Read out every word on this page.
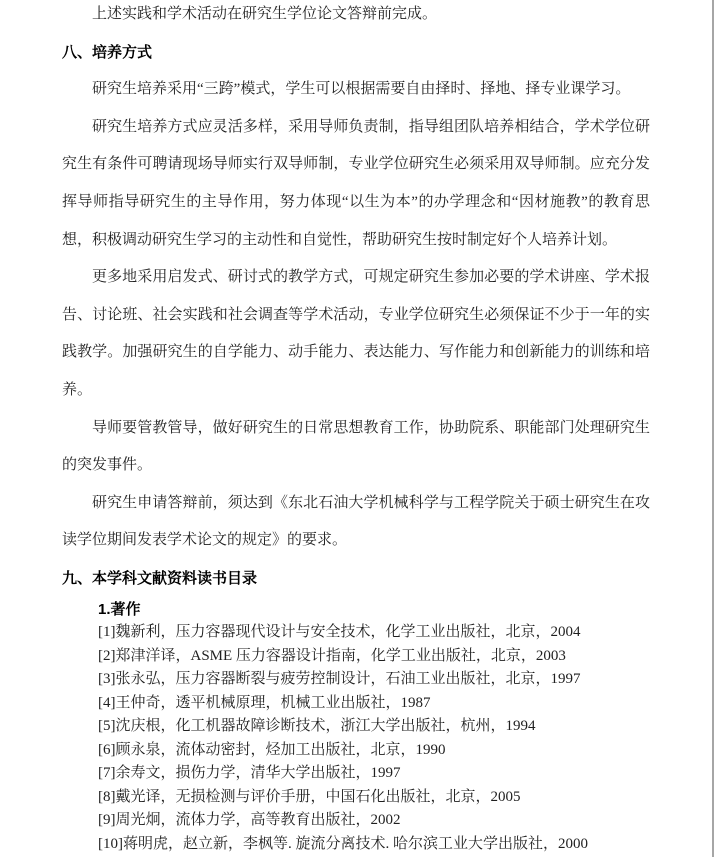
上述实践和学术活动在研究生学位论文答辩前完成。

八、培养方式

研究生培养采用“三跨”模式，学生可以根据需要自由择时、择地、择专业课学习。

研究生培养方式应灵活多样，采用导师负责制，指导组团队培养相结合，学术学位研究生有条件可聘请现场导师实行双导师制，专业学位研究生必须采用双导师制。应充分发挥导师指导研究生的主导作用，努力体现“以生为本”的办学理念和“因材施教”的教育思想，积极调动研究生学习的主动性和自觉性，帮助研究生按时制定好个人培养计划。

更多地采用启发式、研讨式的教学方式，可规定研究生参加必要的学术讲座、学术报告、讨论班、社会实践和社会调查等学术活动，专业学位研究生必须保证不少于一年的实践教学。加强研究生的自学能力、动手能力、表达能力、写作能力和创新能力的训练和培养。

导师要管教管导，做好研究生的日常思想教育工作，协助院系、职能部门处理研究生的突发事件。

研究生申请答辩前，须达到《东北石油大学机械科学与工程学院关于硕士研究生在攻读学位期间发表学术论文的规定》的要求。

九、本学科文献资料读书目录
1.著作

[1]魏新利，压力容器现代设计与安全技术，化学工业出版社，北京，2004

[2]郑津洋译，ASME 压力容器设计指南，化学工业出版社，北京，2003

[3]张永弘，压力容器断裂与疲劳控制设计，石油工业出版社，北京，1997

[4]王仲奇，透平机械原理，机械工业出版社，1987

[5]沈庆根，化工机器故障诊断技术，浙江大学出版社，杭州，1994

[6]顾永泉，流体动密封，烃加工出版社，北京，1990

[7]余寿文，损伤力学，清华大学出版社，1997

[8]戴光译，无损检测与评价手册，中国石化出版社，北京，2005

[9]周光炯，流体力学，高等教育出版社，2002

[10]蒋明虎，赵立新，李枫等. 旋流分离技术. 哈尔滨工业大学出版社，2000
